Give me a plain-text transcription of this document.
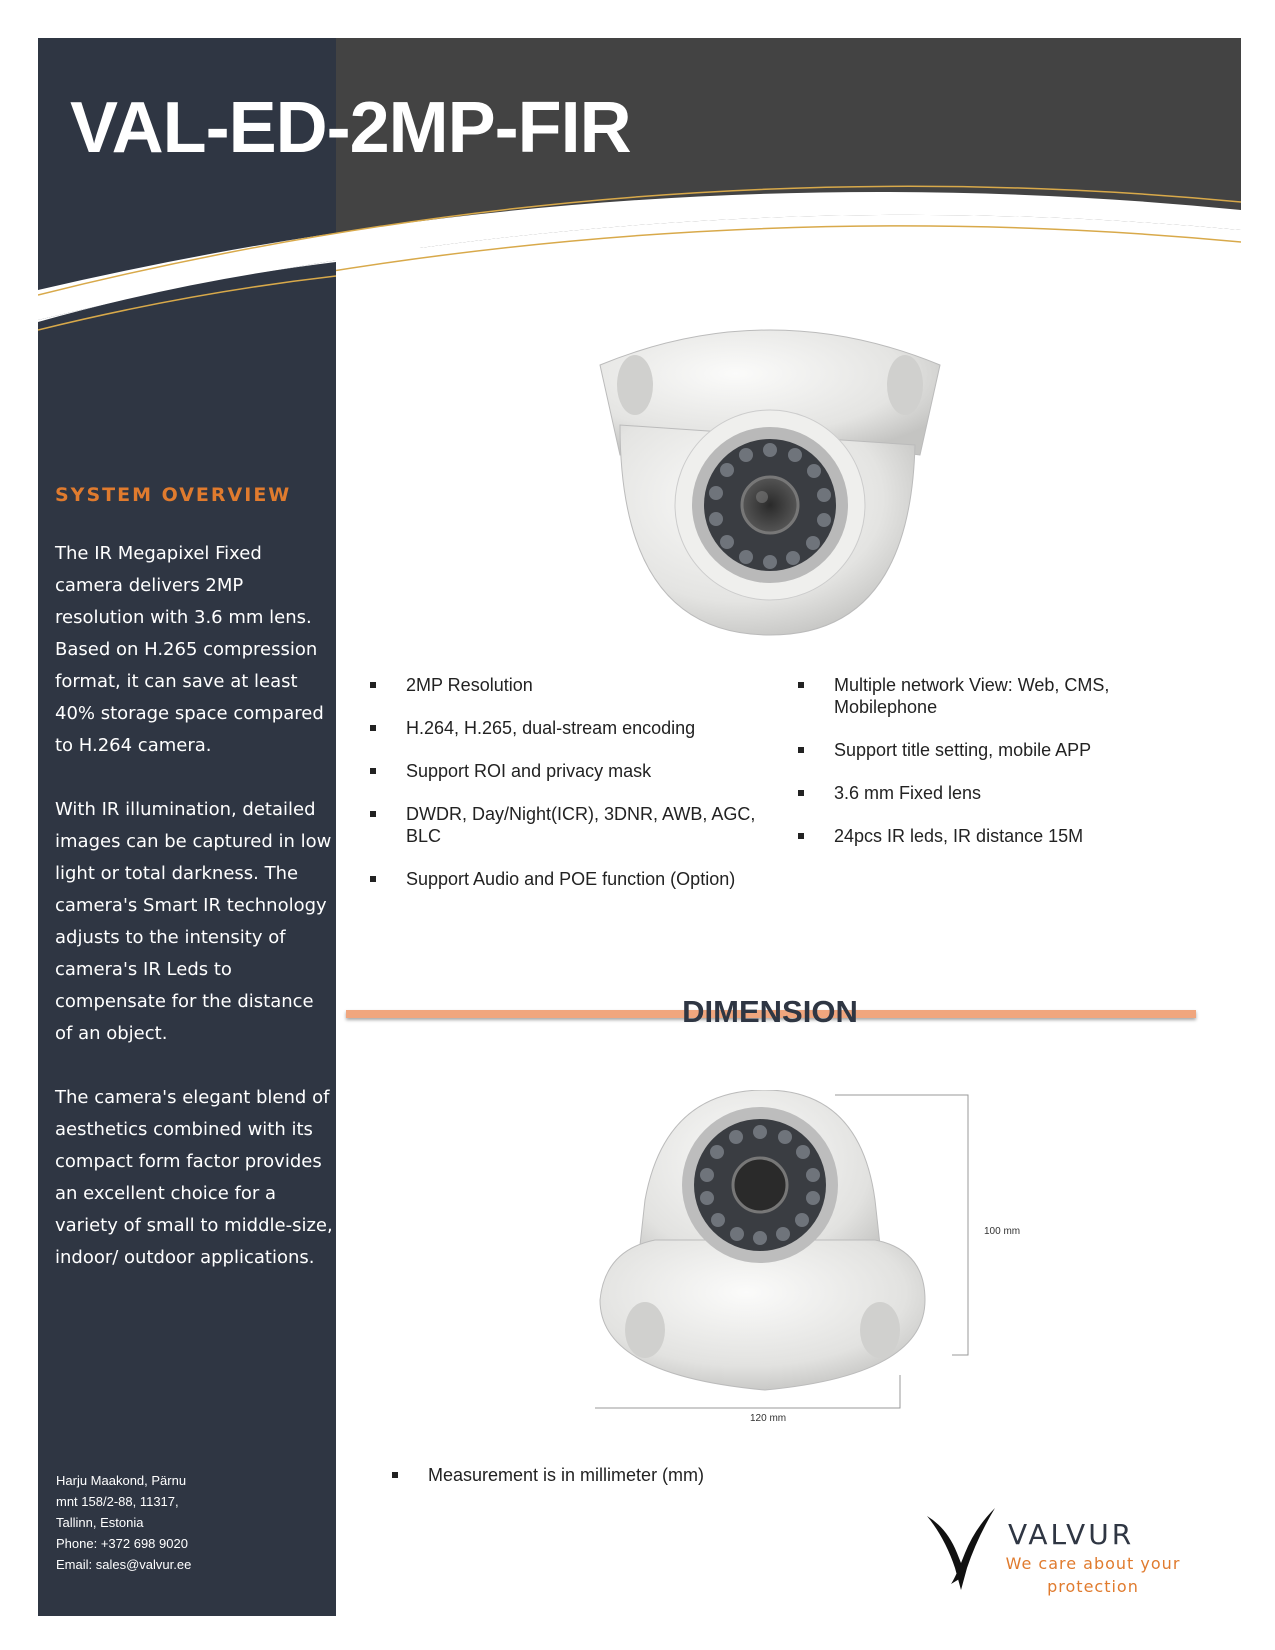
VAL-ED-2MP-FIR
SYSTEM OVERVIEW

The IR Megapixel Fixed camera delivers 2MP resolution with 3.6 mm lens. Based on H.265 compression format, it can save at least 40% storage space compared to H.264 camera.

With IR illumination, detailed images can be captured in low light or total darkness. The camera's Smart IR technology adjusts to the intensity of camera's IR Leds to compensate for the distance of an object.

The camera's elegant blend of aesthetics combined with its compact form factor provides an excellent choice for a variety of small to middle-size, indoor/ outdoor applications.

Harju Maakond, Pärnu
mnt 158/2-88, 11317,
Tallinn, Estonia
Phone: +372 698 9020
Email: sales@valvur.ee
2MP Resolution
H.264, H.265, dual-stream encoding
Support ROI and privacy mask
DWDR, Day/Night(ICR), 3DNR, AWB, AGC, BLC
Support Audio and POE function (Option)
Multiple network View: Web, CMS, Mobilephone
Support title setting, mobile APP
3.6 mm Fixed lens
24pcs IR leds, IR distance 15M
DIMENSION
100 mm
120 mm
Measurement is in millimeter (mm)
VALVUR
We care about your protection
